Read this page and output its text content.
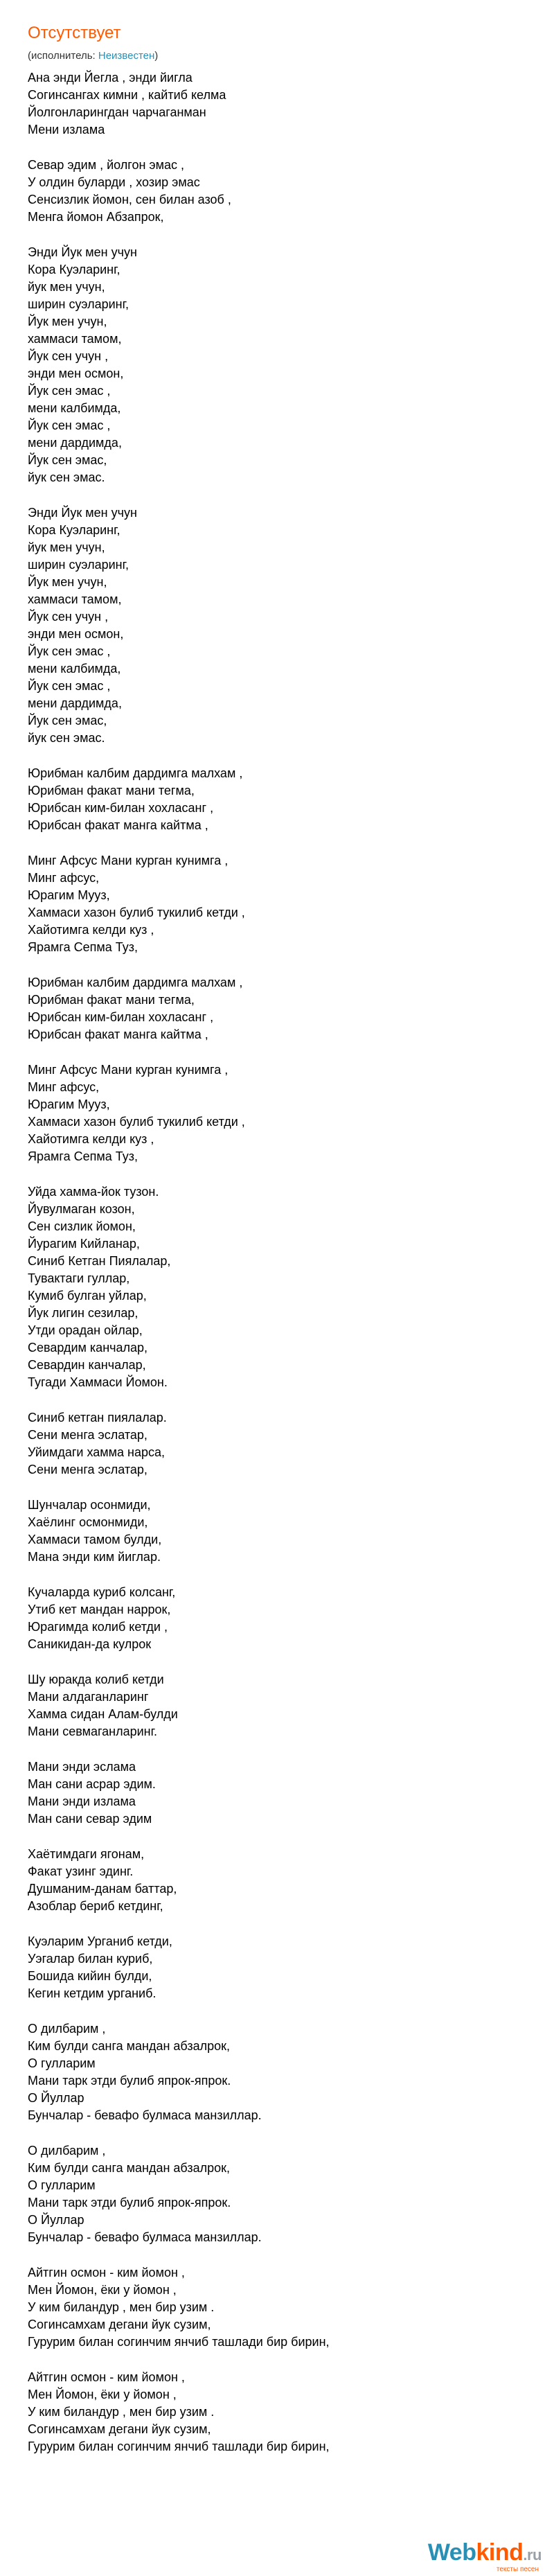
Отсутствует
(исполнитель: Неизвестен)
Ана энди Йегла , энди йигла
Согинсангах кимни , кайтиб келма
Йолгонларингдан чарчаганман
Мени излама
Севар эдим , йолгон эмас ,
У олдин буларди , хозир эмас
Сенсизлик йомон, сен билан азоб ,
Менга йомон Абзапрок,
Энди Йук мен учун
Кора Куэларинг,
йук мен учун,
ширин суэларинг,
Йук мен учун,
хаммаси тамом,
Йук сен учун ,
энди мен осмон,
Йук сен эмас ,
мени калбимда,
Йук сен эмас ,
мени дардимда,
Йук сен эмас,
йук сен эмас.
Энди Йук мен учун
Кора Куэларинг,
йук мен учун,
ширин суэларинг,
Йук мен учун,
хаммаси тамом,
Йук сен учун ,
энди мен осмон,
Йук сен эмас ,
мени калбимда,
Йук сен эмас ,
мени дардимда,
Йук сен эмас,
йук сен эмас.
Юрибман калбим дардимга малхам ,
Юрибман факат мани тегма,
Юрибсан ким-билан хохласанг ,
Юрибсан факат манга кайтма ,
Минг Афсус Мани курган кунимга ,
Минг афсус,
Юрагим Мууз,
Хаммаси хазон булиб тукилиб кетди ,
Хайотимга келди куз ,
Ярамга Сепма Туз,
Юрибман калбим дардимга малхам ,
Юрибман факат мани тегма,
Юрибсан ким-билан хохласанг ,
Юрибсан факат манга кайтма ,
Минг Афсус Мани курган кунимга ,
Минг афсус,
Юрагим Мууз,
Хаммаси хазон булиб тукилиб кетди ,
Хайотимга келди куз ,
Ярамга Сепма Туз,
Уйда хамма-йок тузон.
Йувулмаган козон,
Сен сизлик йомон,
Йурагим Кийланар,
Синиб Кетган Пиялалар,
Тувактаги гуллар,
Кумиб булган уйлар,
Йук лигин сезилар,
Утди орадан ойлар,
Севардим канчалар,
Севардин канчалар,
Тугади Хаммаси Йомон.
Синиб кетган пиялалар.
Сени менга эслатар,
Уйимдаги хамма нарса,
Сени менга эслатар,
Шунчалар осонмиди,
Хаёлинг осмонмиди,
Хаммаси тамом булди,
Мана энди ким йиглар.
Кучаларда куриб колсанг,
Утиб кет мандан наррок,
Юрагимда колиб кетди ,
Саникидан-да кулрок
Шу юракда колиб кетди
Мани алдаганларинг
Хамма сидан Алам-булди
Мани севмаганларинг.
Мани энди эслама
Ман сани асрар эдим.
Мани энди излама
Ман сани севар эдим
Хаётимдаги ягонам,
Факат узинг эдинг.
Душманим-данам баттар,
Азоблар бериб кетдинг,
Куэларим Урганиб кетди,
Уэгалар билан куриб,
Бошида кийин булди,
Кегин кетдим урганиб.
О дилбарим ,
Ким булди санга мандан абзалрок,
О гулларим
Мани тарк этди булиб япрок-япрок.
О Йуллар
Бунчалар - бевафо булмаса манзиллар.
О дилбарим ,
Ким булди санга мандан абзалрок,
О гулларим
Мани тарк этди булиб япрок-япрок.
О Йуллар
Бунчалар - бевафо булмаса манзиллар.
Айтгин осмон - ким йомон ,
Мен Йомон, ёки у йомон ,
У ким биландур , мен бир узим .
Согинсамхам дегани йук сузим,
Гурурим билан согинчим янчиб ташлади бир бирин,
Айтгин осмон - ким йомон ,
Мен Йомон, ёки у йомон ,
У ким биландур , мен бир узим .
Согинсамхам дегани йук сузим,
Гурурим билан согинчим янчиб ташлади бир бирин,
Webkind.ru
тексты песен
